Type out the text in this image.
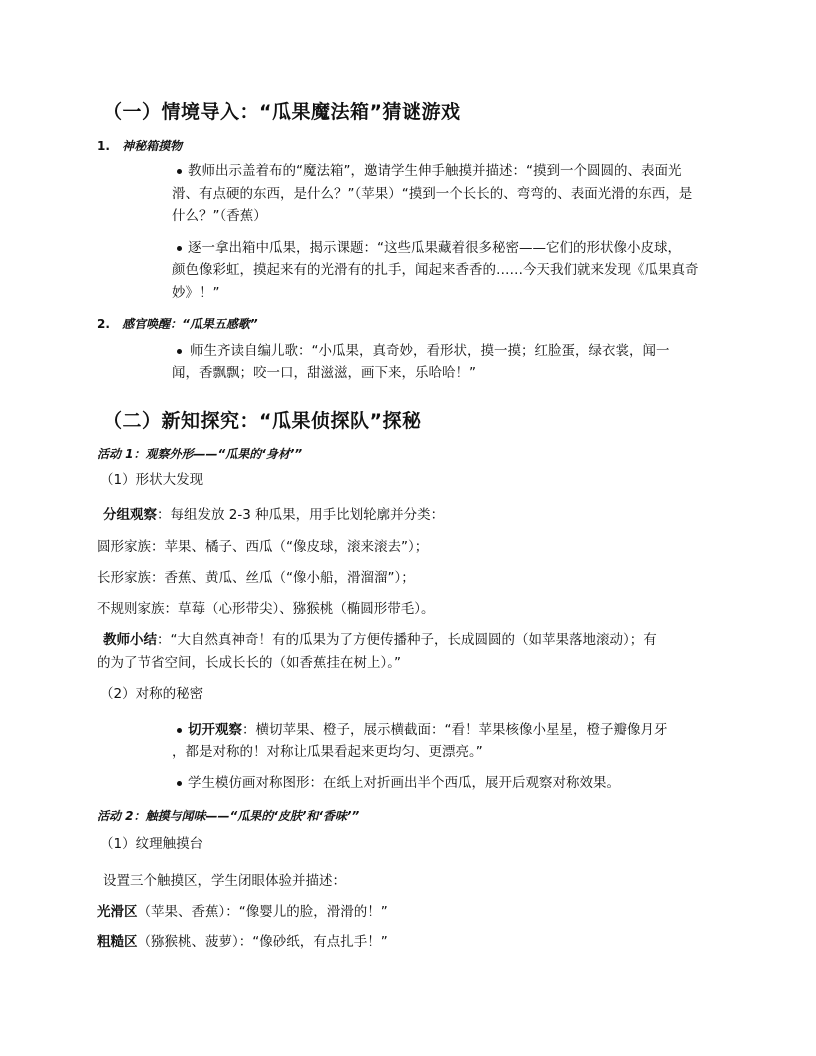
（一）情境导入：“瓜果魔法箱”猜谜游戏
1. 神秘箱摸物
教师出示盖着布的“魔法箱”，邀请学生伸手触摸并描述：“摸到一个圆圆的、表面光
滑、有点硬的东西，是什么？”（苹果）“摸到一个长长的、弯弯的、表面光滑的东西，是
什么？”（香蕉）
逐一拿出箱中瓜果，揭示课题：“这些瓜果藏着很多秘密——它们的形状像小皮球，
颜色像彩虹，摸起来有的光滑有的扎手，闻起来香香的……今天我们就来发现《瓜果真奇
妙》！”
2. 感官唤醒：“瓜果五感歌”
师生齐读自编儿歌：“小瓜果，真奇妙，看形状，摸一摸；红脸蛋，绿衣裳，闻一
闻，香飘飘；咬一口，甜滋滋，画下来，乐哈哈！”
（二）新知探究：“瓜果侦探队”探秘
活动 1：观察外形——“瓜果的‘身材’”
（1）形状大发现
分组观察：每组发放 2-3 种瓜果，用手比划轮廓并分类：
圆形家族：苹果、橘子、西瓜（“像皮球，滚来滚去”）；
长形家族：香蕉、黄瓜、丝瓜（“像小船，滑溜溜”）；
不规则家族：草莓（心形带尖）、猕猴桃（椭圆形带毛）。
教师小结：“大自然真神奇！有的瓜果为了方便传播种子，长成圆圆的（如苹果落地滚动）；有
的为了节省空间，长成长长的（如香蕉挂在树上）。”
（2）对称的秘密
切开观察：横切苹果、橙子，展示横截面：“看！苹果核像小星星，橙子瓣像月牙
，都是对称的！对称让瓜果看起来更均匀、更漂亮。”
学生模仿画对称图形：在纸上对折画出半个西瓜，展开后观察对称效果。
活动 2：触摸与闻味——“瓜果的‘皮肤’和‘香味’”
（1）纹理触摸台
设置三个触摸区，学生闭眼体验并描述：
光滑区（苹果、香蕉）：“像婴儿的脸，滑滑的！”
粗糙区（猕猴桃、菠萝）：“像砂纸，有点扎手！”
